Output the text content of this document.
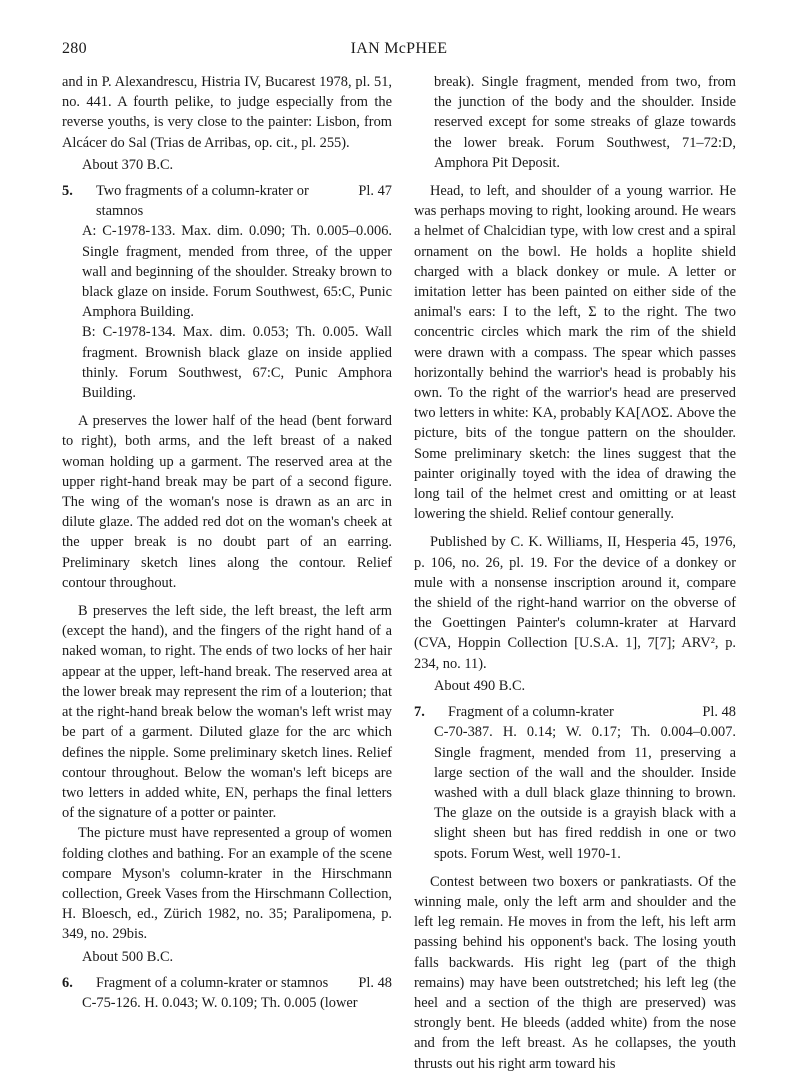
280	IAN McPHEE

and in P. Alexandrescu, Histria IV, Bucarest 1978, pl. 51, no. 441. A fourth pelike, to judge especially from the reverse youths, is very close to the painter: Lisbon, from Alcácer do Sal (Trias de Arribas, op. cit., pl. 255).

About 370 B.C.

5.	Pl. 47
Two fragments of a column-krater or stamnos

A: C-1978-133. Max. dim. 0.090; Th. 0.005–0.006. Single fragment, mended from three, of the upper wall and beginning of the shoulder. Streaky brown to black glaze on inside. Forum Southwest, 65:C, Punic Amphora Building.

B: C-1978-134. Max. dim. 0.053; Th. 0.005. Wall fragment. Brownish black glaze on inside applied thinly. Forum Southwest, 67:C, Punic Amphora Building.

A preserves the lower half of the head (bent forward to right), both arms, and the left breast of a naked woman holding up a garment. The reserved area at the upper right-hand break may be part of a second figure. The wing of the woman's nose is drawn as an arc in dilute glaze. The added red dot on the woman's cheek at the upper break is no doubt part of an earring. Preliminary sketch lines along the contour. Relief contour throughout.

B preserves the left side, the left breast, the left arm (except the hand), and the fingers of the right hand of a naked woman, to right. The ends of two locks of her hair appear at the upper, left-hand break. The reserved area at the lower break may represent the rim of a louterion; that at the right-hand break below the woman's left wrist may be part of a garment. Diluted glaze for the arc which defines the nipple. Some preliminary sketch lines. Relief contour throughout. Below the woman's left biceps are two letters in added white, EN, perhaps the final letters of the signature of a potter or painter.

The picture must have represented a group of women folding clothes and bathing. For an example of the scene compare Myson's column-krater in the Hirschmann collection, Greek Vases from the Hirschmann Collection, H. Bloesch, ed., Zürich 1982, no. 35; Paralipomena, p. 349, no. 29bis.

About 500 B.C.

6.	Pl. 48
Fragment of a column-krater or stamnos

C-75-126. H. 0.043; W. 0.109; Th. 0.005 (lower

break). Single fragment, mended from two, from the junction of the body and the shoulder. Inside reserved except for some streaks of glaze towards the lower break. Forum Southwest, 71–72:D, Amphora Pit Deposit.

Head, to left, and shoulder of a young warrior. He was perhaps moving to right, looking around. He wears a helmet of Chalcidian type, with low crest and a spiral ornament on the bowl. He holds a hoplite shield charged with a black donkey or mule. A letter or imitation letter has been painted on either side of the animal's ears: I to the left, Σ to the right. The two concentric circles which mark the rim of the shield were drawn with a compass. The spear which passes horizontally behind the warrior's head is probably his own. To the right of the warrior's head are preserved two letters in white: KA, probably ΚΑ[ΛΟΣ. Above the picture, bits of the tongue pattern on the shoulder. Some preliminary sketch: the lines suggest that the painter originally toyed with the idea of drawing the long tail of the helmet crest and omitting or at least lowering the shield. Relief contour generally.

Published by C. K. Williams, II, Hesperia 45, 1976, p. 106, no. 26, pl. 19. For the device of a donkey or mule with a nonsense inscription around it, compare the shield of the right-hand warrior on the obverse of the Goettingen Painter's column-krater at Harvard (CVA, Hoppin Collection [U.S.A. 1], 7[7]; ARV², p. 234, no. 11).

About 490 B.C.

7.	Pl. 48
Fragment of a column-krater

C-70-387. H. 0.14; W. 0.17; Th. 0.004–0.007. Single fragment, mended from 11, preserving a large section of the wall and the shoulder. Inside washed with a dull black glaze thinning to brown. The glaze on the outside is a grayish black with a slight sheen but has fired reddish in one or two spots. Forum West, well 1970-1.

Contest between two boxers or pankratiasts. Of the winning male, only the left arm and shoulder and the left leg remain. He moves in from the left, his left arm passing behind his opponent's back. The losing youth falls backwards. His right leg (part of the thigh remains) may have been outstretched; his left leg (the heel and a section of the thigh are preserved) was strongly bent. He bleeds (added white) from the nose and from the left breast. As he collapses, the youth thrusts out his right arm toward his
